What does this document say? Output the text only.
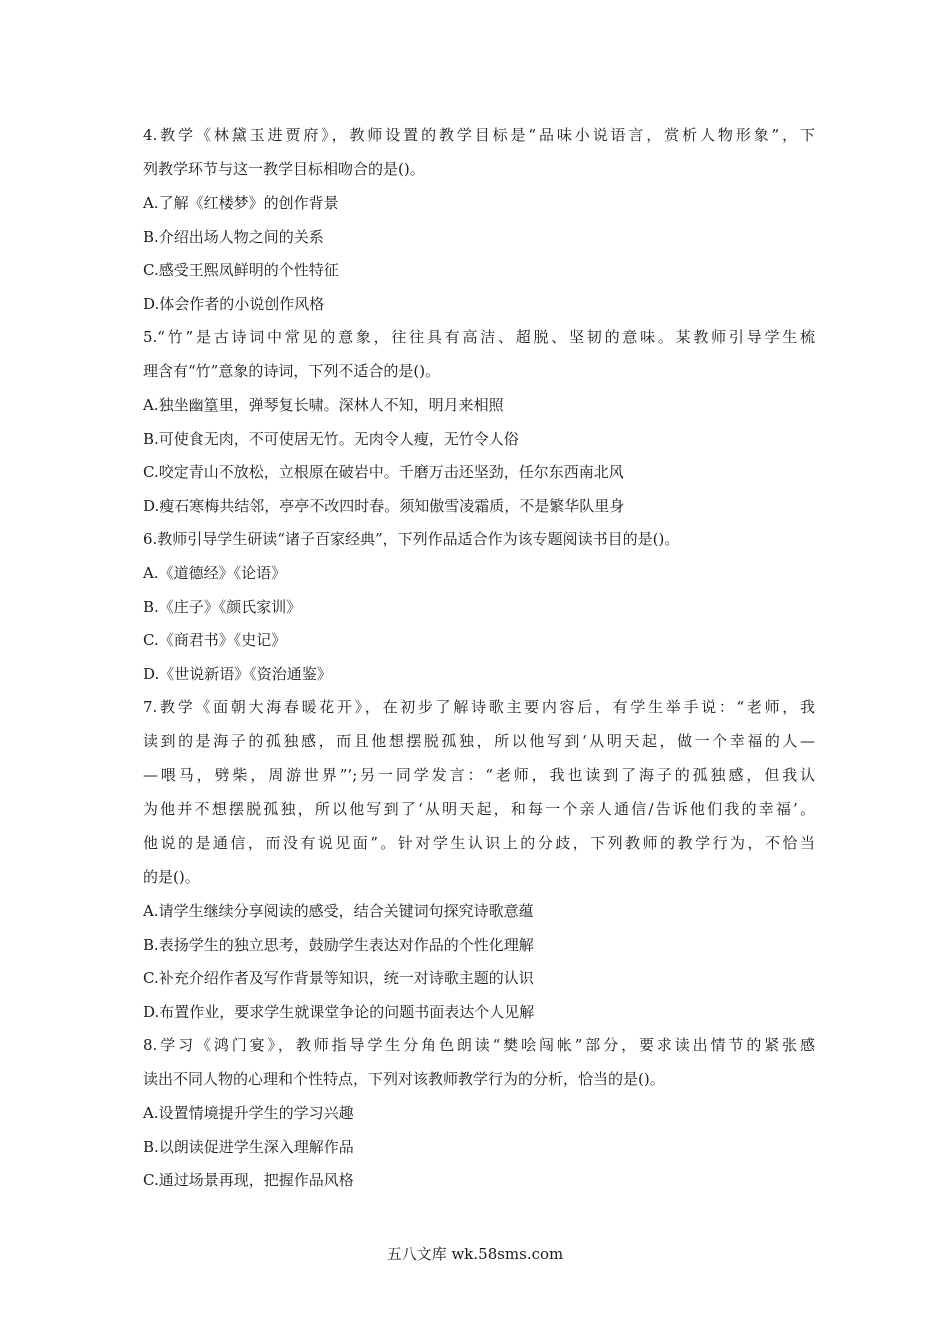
4.教学《林黛玉进贾府》，教师设置的教学目标是“品味小说语言，赏析人物形象”，下
列教学环节与这一教学目标相吻合的是()。
A.了解《红楼梦》的创作背景
B.介绍出场人物之间的关系
C.感受王熙凤鲜明的个性特征
D.体会作者的小说创作风格
5.“竹”是古诗词中常见的意象，往往具有高洁、超脱、坚韧的意味。某教师引导学生梳
理含有“竹”意象的诗词，下列不适合的是()。
A.独坐幽篁里，弹琴复长啸。深林人不知，明月来相照
B.可使食无肉，不可使居无竹。无肉令人瘦，无竹令人俗
C.咬定青山不放松，立根原在破岩中。千磨万击还坚劲，任尔东西南北风
D.瘦石寒梅共结邻，亭亭不改四时春。须知傲雪凌霜质，不是繁华队里身
6.教师引导学生研读“诸子百家经典”，下列作品适合作为该专题阅读书目的是()。
A.《道德经》《论语》
B.《庄子》《颜氏家训》
C.《商君书》《史记》
D.《世说新语》《资治通鉴》
7.教学《面朝大海春暖花开》，在初步了解诗歌主要内容后，有学生举手说：“老师，我
读到的是海子的孤独感，而且他想摆脱孤独，所以他写到‘从明天起，做一个幸福的人—
—喂马，劈柴，周游世界”’;另一同学发言：“老师，我也读到了海子的孤独感，但我认
为他并不想摆脱孤独，所以他写到了‘从明天起，和每一个亲人通信/告诉他们我的幸福’。
他说的是通信，而没有说见面”。针对学生认识上的分歧，下列教师的教学行为，不恰当
的是()。
A.请学生继续分享阅读的感受，结合关键词句探究诗歌意蕴
B.表扬学生的独立思考，鼓励学生表达对作品的个性化理解
C.补充介绍作者及写作背景等知识，统一对诗歌主题的认识
D.布置作业，要求学生就课堂争论的问题书面表达个人见解
8.学习《鸿门宴》，教师指导学生分角色朗读“樊哙闯帐”部分，要求读出情节的紧张感
读出不同人物的心理和个性特点，下列对该教师教学行为的分析，恰当的是()。
A.设置情境提升学生的学习兴趣
B.以朗读促进学生深入理解作品
C.通过场景再现，把握作品风格
五八文库 wk.58sms.com
